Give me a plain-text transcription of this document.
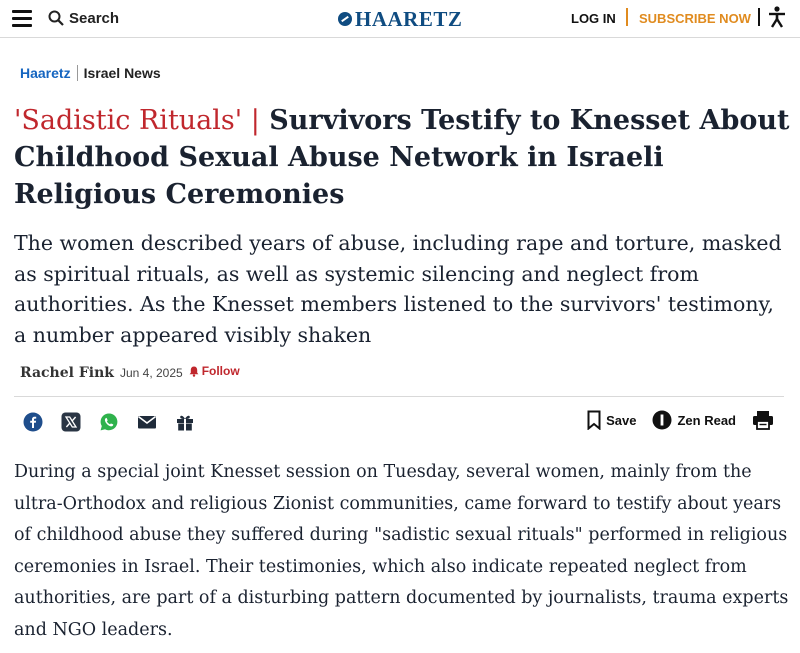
Search	HAARETZ	LOG IN SUBSCRIBE NOW
Haaretz Israel News
'Sadistic Rituals' | Survivors Testify to Knesset About Childhood Sexual Abuse Network in Israeli Religious Ceremonies

The women described years of abuse, including rape and torture, masked as spiritual rituals, as well as systemic silencing and neglect from authorities. As the Knesset members listened to the survivors' testimony, a number appeared visibly shaken

Rachel Fink Jun 4, 2025 Follow
Save	Zen Read

During a special joint Knesset session on Tuesday, several women, mainly from the ultra-Orthodox and religious Zionist communities, came forward to testify about years of childhood abuse they suffered during "sadistic sexual rituals" performed in religious ceremonies in Israel. Their testimonies, which also indicate repeated neglect from authorities, are part of a disturbing pattern documented by journalists, trauma experts and NGO leaders.
